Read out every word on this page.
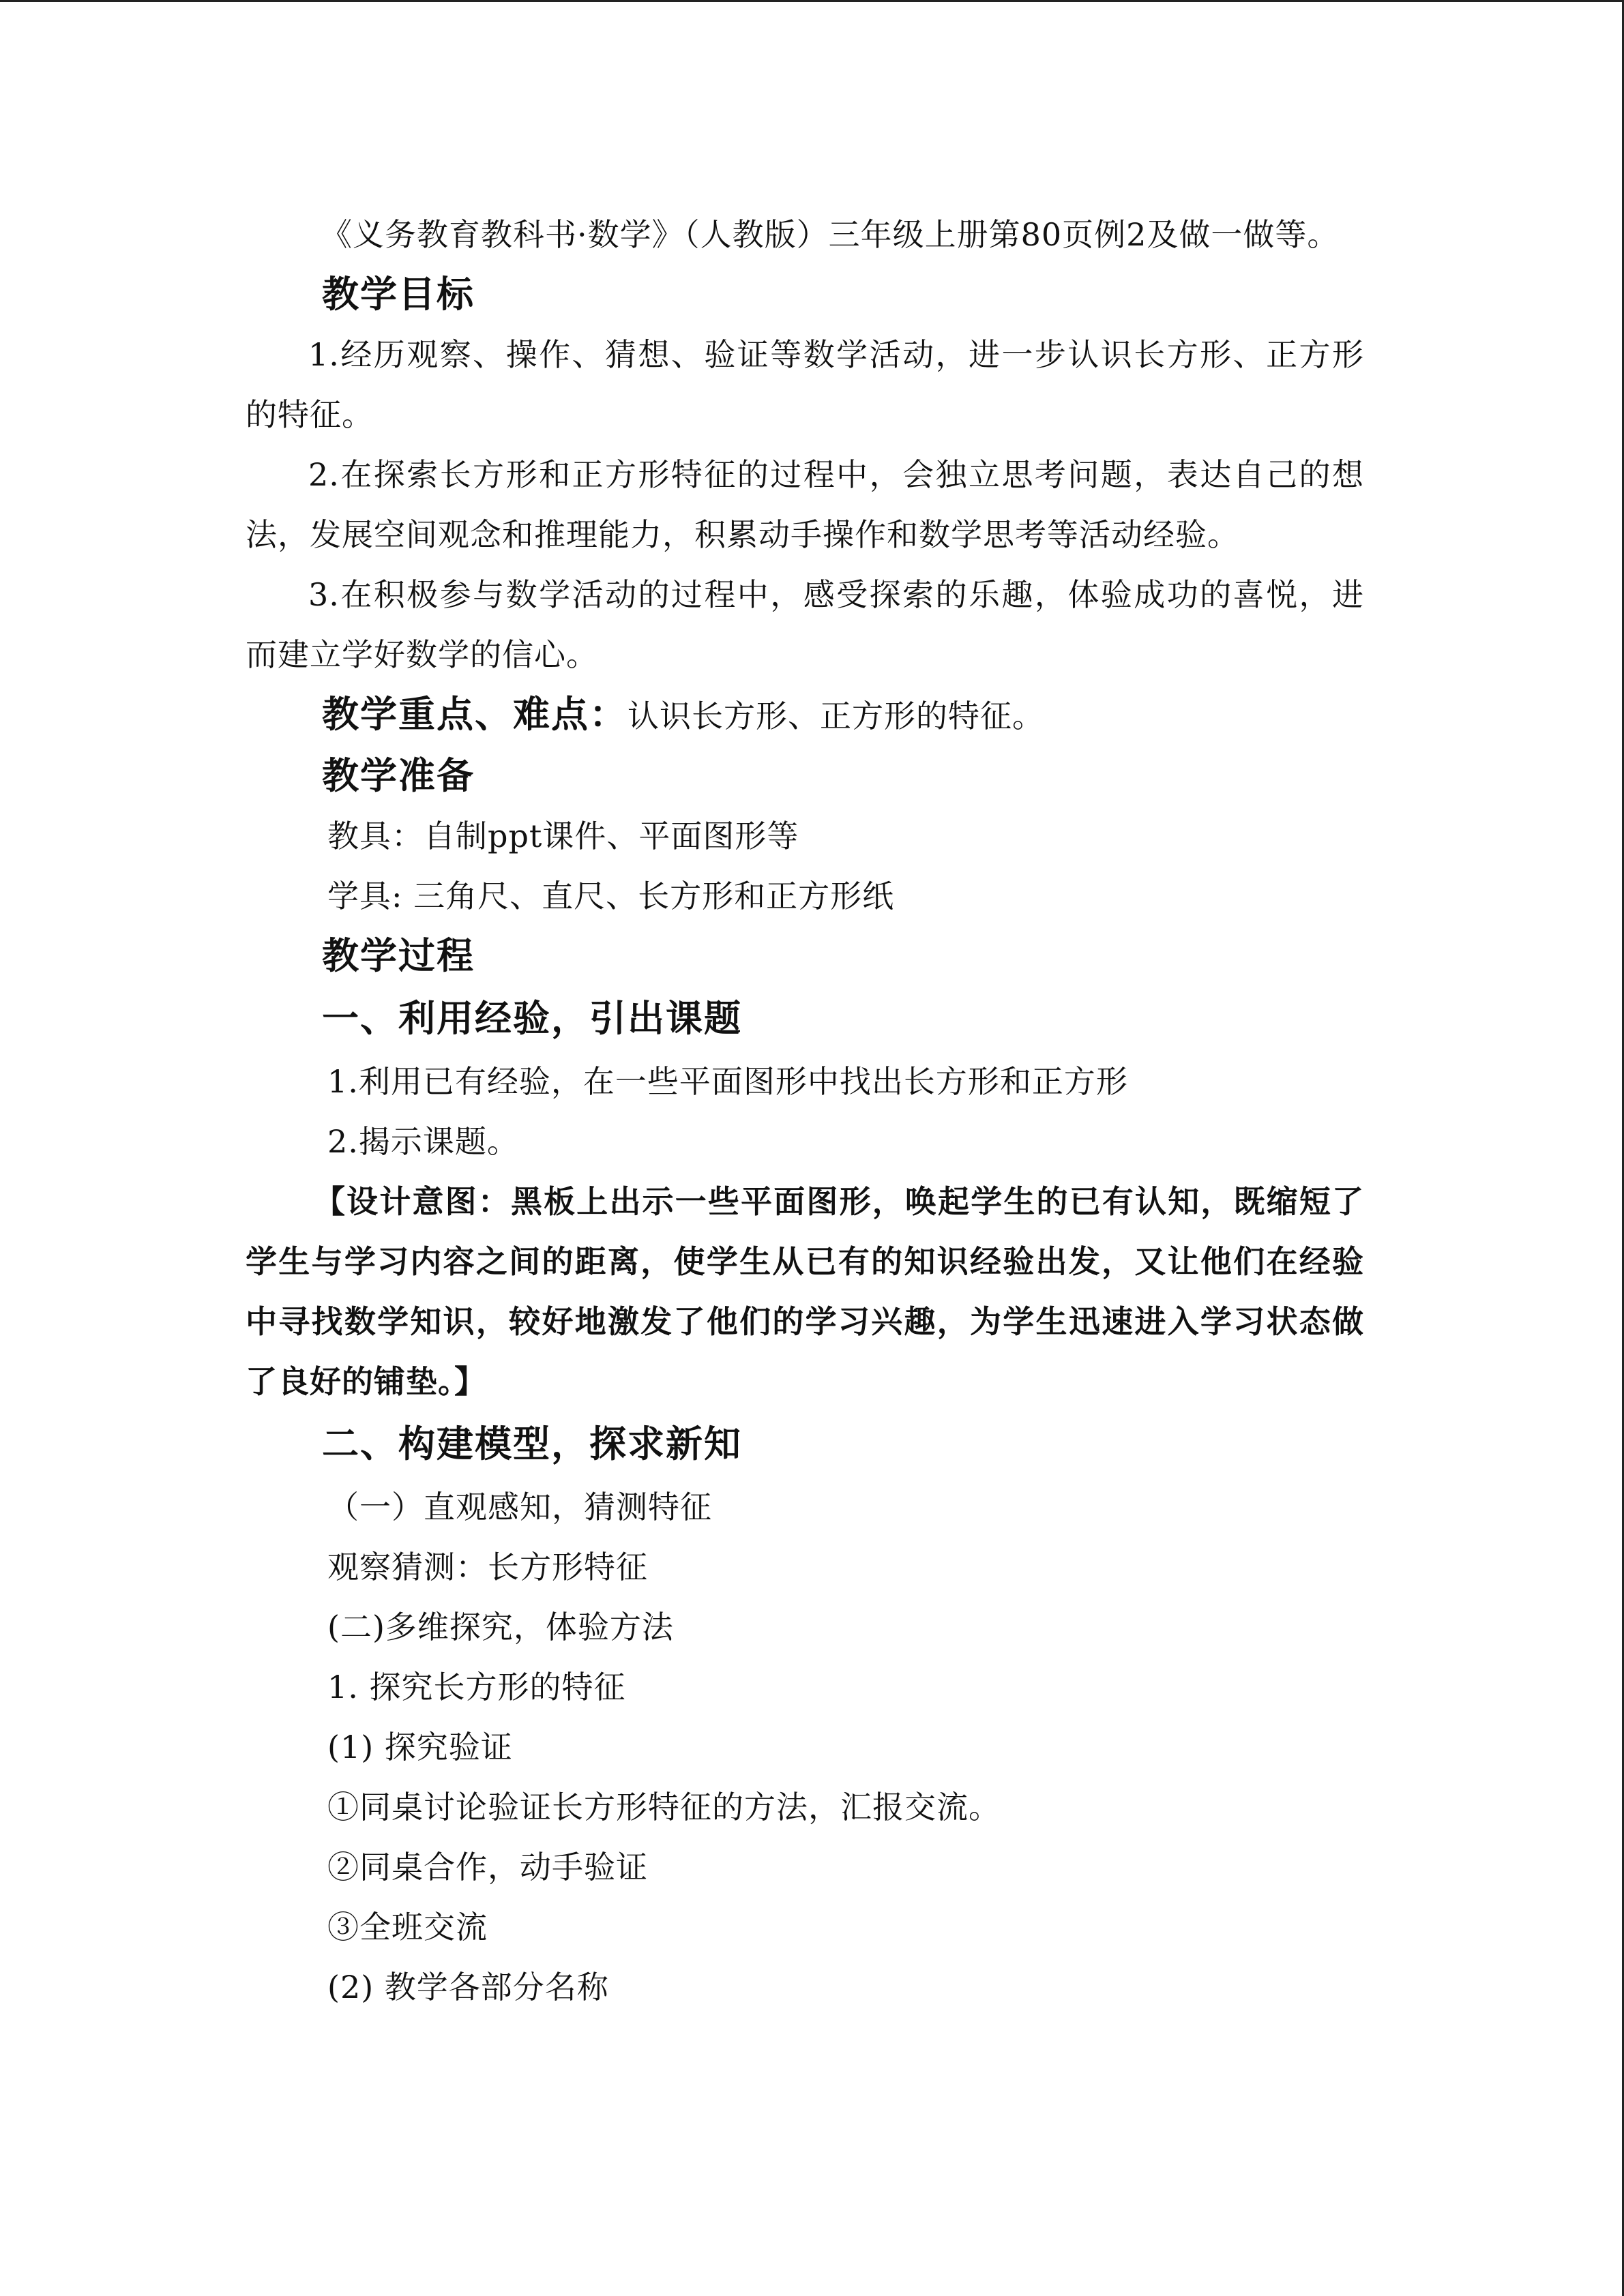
《义务教育教科书·数学》（人教版）三年级上册第80页例2及做一做等。

教学目标

1.经历观察、操作、猜想、验证等数学活动，进一步认识长方形、正方形的特征。

2.在探索长方形和正方形特征的过程中，会独立思考问题，表达自己的想法，发展空间观念和推理能力，积累动手操作和数学思考等活动经验。

3.在积极参与数学活动的过程中，感受探索的乐趣，体验成功的喜悦，进而建立学好数学的信心。

教学重点、难点：认识长方形、正方形的特征。

教学准备

教具：自制ppt课件、平面图形等

学具: 三角尺、直尺、长方形和正方形纸

教学过程

一、利用经验，引出课题

1.利用已有经验，在一些平面图形中找出长方形和正方形

2.揭示课题。

【设计意图：黑板上出示一些平面图形，唤起学生的已有认知，既缩短了学生与学习内容之间的距离，使学生从已有的知识经验出发，又让他们在经验中寻找数学知识，较好地激发了他们的学习兴趣，为学生迅速进入学习状态做了良好的铺垫。】

二、构建模型，探求新知

（一）直观感知，猜测特征

观察猜测：长方形特征

(二)多维探究，体验方法

1. 探究长方形的特征

(1) 探究验证

①同桌讨论验证长方形特征的方法，汇报交流。

②同桌合作，动手验证

③全班交流

(2) 教学各部分名称
